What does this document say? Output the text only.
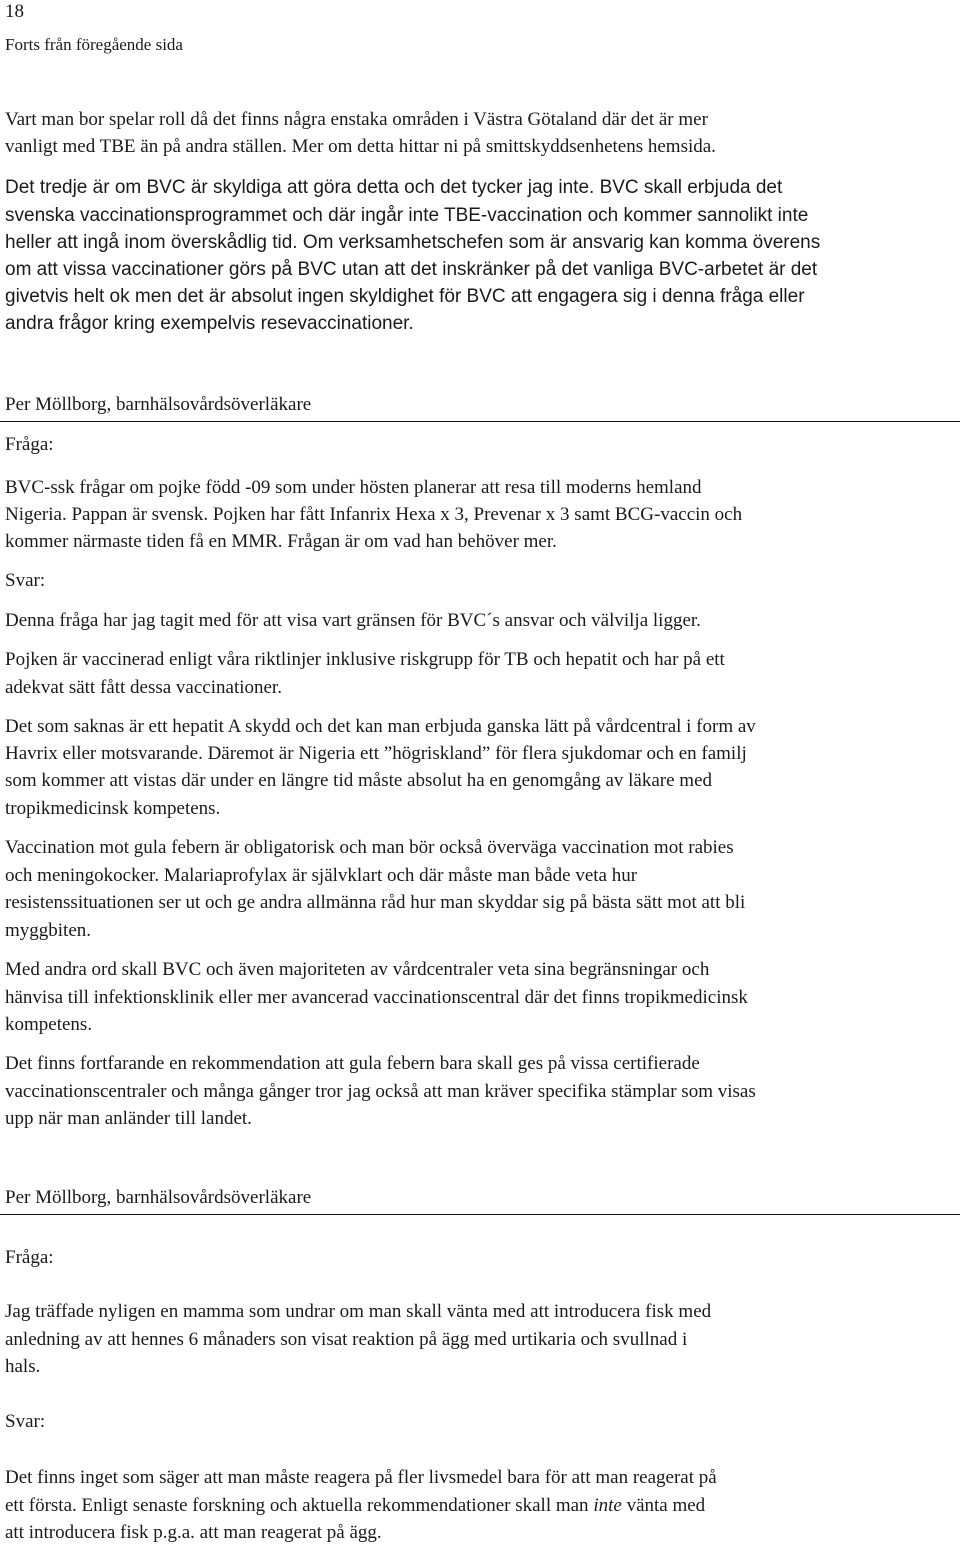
18
Forts från föregående sida
Vart man bor spelar roll då det finns några enstaka områden i Västra Götaland där det är mer
vanligt med TBE än på andra ställen. Mer om detta hittar ni på smittskyddsenhetens hemsida.
Det tredje är om BVC är skyldiga att göra detta och det tycker jag inte. BVC skall erbjuda det
svenska vaccinationsprogrammet och där ingår inte TBE-vaccination och kommer sannolikt inte
heller att ingå inom överskådlig tid. Om verksamhetschefen som är ansvarig kan komma överens
om att vissa vaccinationer görs på BVC utan att det inskränker på det vanliga BVC-arbetet är det
givetvis helt ok men det är absolut ingen skyldighet för BVC att engagera sig i denna fråga eller
andra frågor kring exempelvis resevaccinationer.
Per Möllborg, barnhälsovårdsöverläkare
Fråga:
BVC-ssk frågar om pojke född -09 som under hösten planerar att resa till moderns hemland
Nigeria. Pappan är svensk. Pojken har fått Infanrix Hexa x 3, Prevenar x 3 samt BCG-vaccin och
kommer närmaste tiden få en MMR. Frågan är om vad han behöver mer.
Svar:
Denna fråga har jag tagit med för att visa vart gränsen för BVC´s ansvar och välvilja ligger.
Pojken är vaccinerad enligt våra riktlinjer inklusive riskgrupp för TB och hepatit och har på ett
adekvat sätt fått dessa vaccinationer.
Det som saknas är ett hepatit A skydd och det kan man erbjuda ganska lätt på vårdcentral i form av
Havrix eller motsvarande. Däremot är Nigeria ett ”högriskland” för flera sjukdomar och en familj
som kommer att vistas där under en längre tid måste absolut ha en genomgång av läkare med
tropikmedicinsk kompetens.
Vaccination mot gula febern är obligatorisk och man bör också överväga vaccination mot rabies
och meningokocker. Malariaprofylax är självklart och där måste man både veta hur
resistenssituationen ser ut och ge andra allmänna råd hur man skyddar sig på bästa sätt mot att bli
myggbiten.
Med andra ord skall BVC och även majoriteten av vårdcentraler veta sina begränsningar och
hänvisa till infektionsklinik eller mer avancerad vaccinationscentral där det finns tropikmedicinsk
kompetens.
Det finns fortfarande en rekommendation att gula febern bara skall ges på vissa certifierade
vaccinationscentraler och många gånger tror jag också att man kräver specifika stämplar som visas
upp när man anländer till landet.
Per Möllborg, barnhälsovårdsöverläkare
Fråga:
Jag träffade nyligen en mamma som undrar om man skall vänta med att introducera fisk med
anledning av att hennes 6 månaders son visat reaktion på ägg med urtikaria och svullnad i
hals.
Svar:
Det finns inget som säger att man måste reagera på fler livsmedel bara för att man reagerat på
ett första. Enligt senaste forskning och aktuella rekommendationer skall man inte vänta med
att introducera fisk p.g.a. att man reagerat på ägg.
